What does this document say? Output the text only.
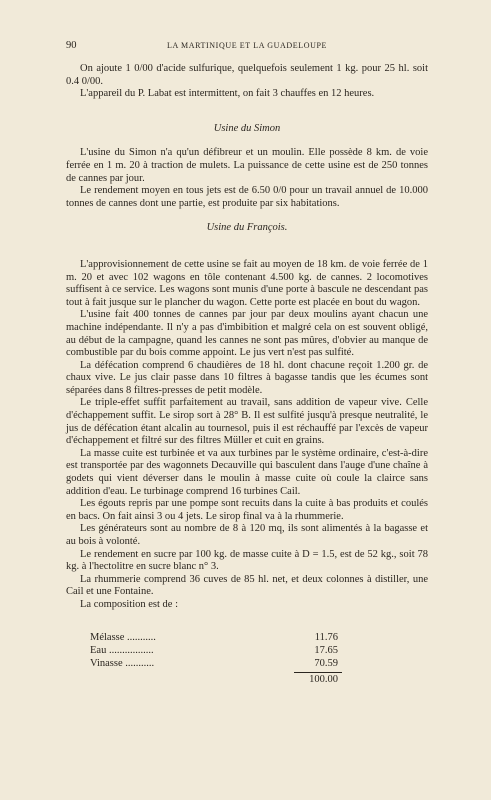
90	LA MARTINIQUE ET LA GUADELOUPE

On ajoute 1 0/00 d'acide sulfurique, quelquefois seulement 1 kg. pour 25 hl. soit 0.4 0/00.

L'appareil du P. Labat est intermittent, on fait 3 chauffes en 12 heures.

Usine du Simon

L'usine du Simon n'a qu'un défibreur et un moulin. Elle possède 8 km. de voie ferrée en 1 m. 20 à traction de mulets. La puissance de cette usine est de 250 tonnes de cannes par jour.

Le rendement moyen en tous jets est de 6.50 0/0 pour un travail annuel de 10.000 tonnes de cannes dont une partie, est produite par six habitations.

Usine du François.

L'approvisionnement de cette usine se fait au moyen de 18 km. de voie ferrée de 1 m. 20 et avec 102 wagons en tôle contenant 4.500 kg. de cannes. 2 locomotives suffisent à ce service. Les wagons sont munis d'une porte à bascule ne descendant pas tout à fait jusque sur le plancher du wagon. Cette porte est placée en bout du wagon.

L'usine fait 400 tonnes de cannes par jour par deux moulins ayant chacun une machine indépendante. Il n'y a pas d'imbibition et malgré cela on est souvent obligé, au début de la campagne, quand les cannes ne sont pas mûres, d'obvier au manque de combustible par du bois comme appoint. Le jus vert n'est pas sulfité.

La défécation comprend 6 chaudières de 18 hl. dont chacune reçoit 1.200 gr. de chaux vive. Le jus clair passe dans 10 filtres à bagasse tandis que les écumes sont séparées dans 8 filtres-presses de petit modèle.

Le triple-effet suffit parfaitement au travail, sans addition de vapeur vive. Celle d'échappement suffit. Le sirop sort à 28° B. Il est sulfité jusqu'à presque neutralité, le jus de défécation étant alcalin au tournesol, puis il est réchauffé par l'excès de vapeur d'échappement et filtré sur des filtres Müller et cuit en grains.

La masse cuite est turbinée et va aux turbines par le système ordinaire, c'est-à-dire est transportée par des wagonnets Decauville qui basculent dans l'auge d'une chaîne à godets qui vient déverser dans le moulin à masse cuite où coule la clairce sans addition d'eau. Le turbinage comprend 16 turbines Cail.

Les égouts repris par une pompe sont recuits dans la cuite à bas produits et coulés en bacs. On fait ainsi 3 ou 4 jets. Le sirop final va à la rhummerie.

Les générateurs sont au nombre de 8 à 120 mq, ils sont alimentés à la bagasse et au bois à volonté.

Le rendement en sucre par 100 kg. de masse cuite à D = 1.5, est de 52 kg., soit 78 kg. à l'hectolitre en sucre blanc n° 3.

La rhummerie comprend 36 cuves de 85 hl. net, et deux colonnes à distiller, une Cail et une Fontaine.

La composition est de :

Mélasse ...........	11.76
Eau .................	17.65
Vinasse ...........	70.59
100.00
